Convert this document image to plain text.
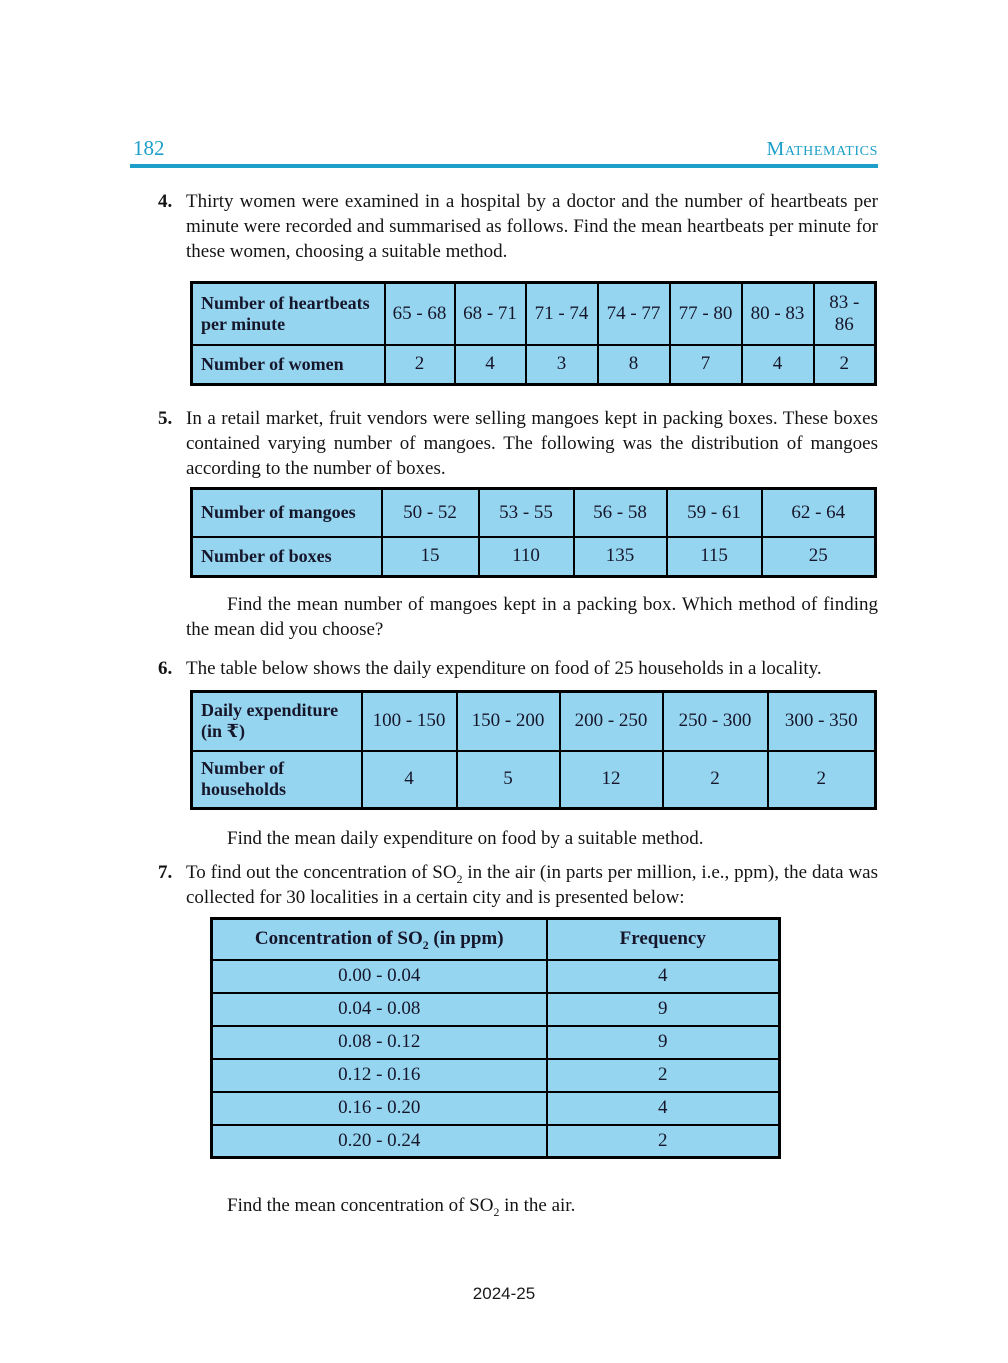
182	Mathematics
4. Thirty women were examined in a hospital by a doctor and the number of heartbeats per minute were recorded and summarised as follows. Find the mean heartbeats per minute for these women, choosing a suitable method.
Number of heartbeats per minute	65 - 68	68 - 71	71 - 74	74 - 77	77 - 80	80 - 83	83 - 86
Number of women	2	4	3	8	7	4	2
5. In a retail market, fruit vendors were selling mangoes kept in packing boxes. These boxes contained varying number of mangoes. The following was the distribution of mangoes according to the number of boxes.
Number of mangoes	50 - 52	53 - 55	56 - 58	59 - 61	62 - 64
Number of boxes	15	110	135	115	25

Find the mean number of mangoes kept in a packing box. Which method of finding the mean did you choose?

6. The table below shows the daily expenditure on food of 25 households in a locality.
Daily expenditure (in ₹)	100 - 150	150 - 200	200 - 250	250 - 300	300 - 350
Number of households	4	5	12	2	2

Find the mean daily expenditure on food by a suitable method.

7. To find out the concentration of $SO_2$ in the air (in parts per million, i.e., ppm), the data was collected for 30 localities in a certain city and is presented below:
Concentration of $SO_2$ (in ppm)	Frequency
0.00 - 0.04	4
0.04 - 0.08	9
0.08 - 0.12	9
0.12 - 0.16	2
0.16 - 0.20	4
0.20 - 0.24	2

Find the mean concentration of $SO_2$ in the air.

2024-25
